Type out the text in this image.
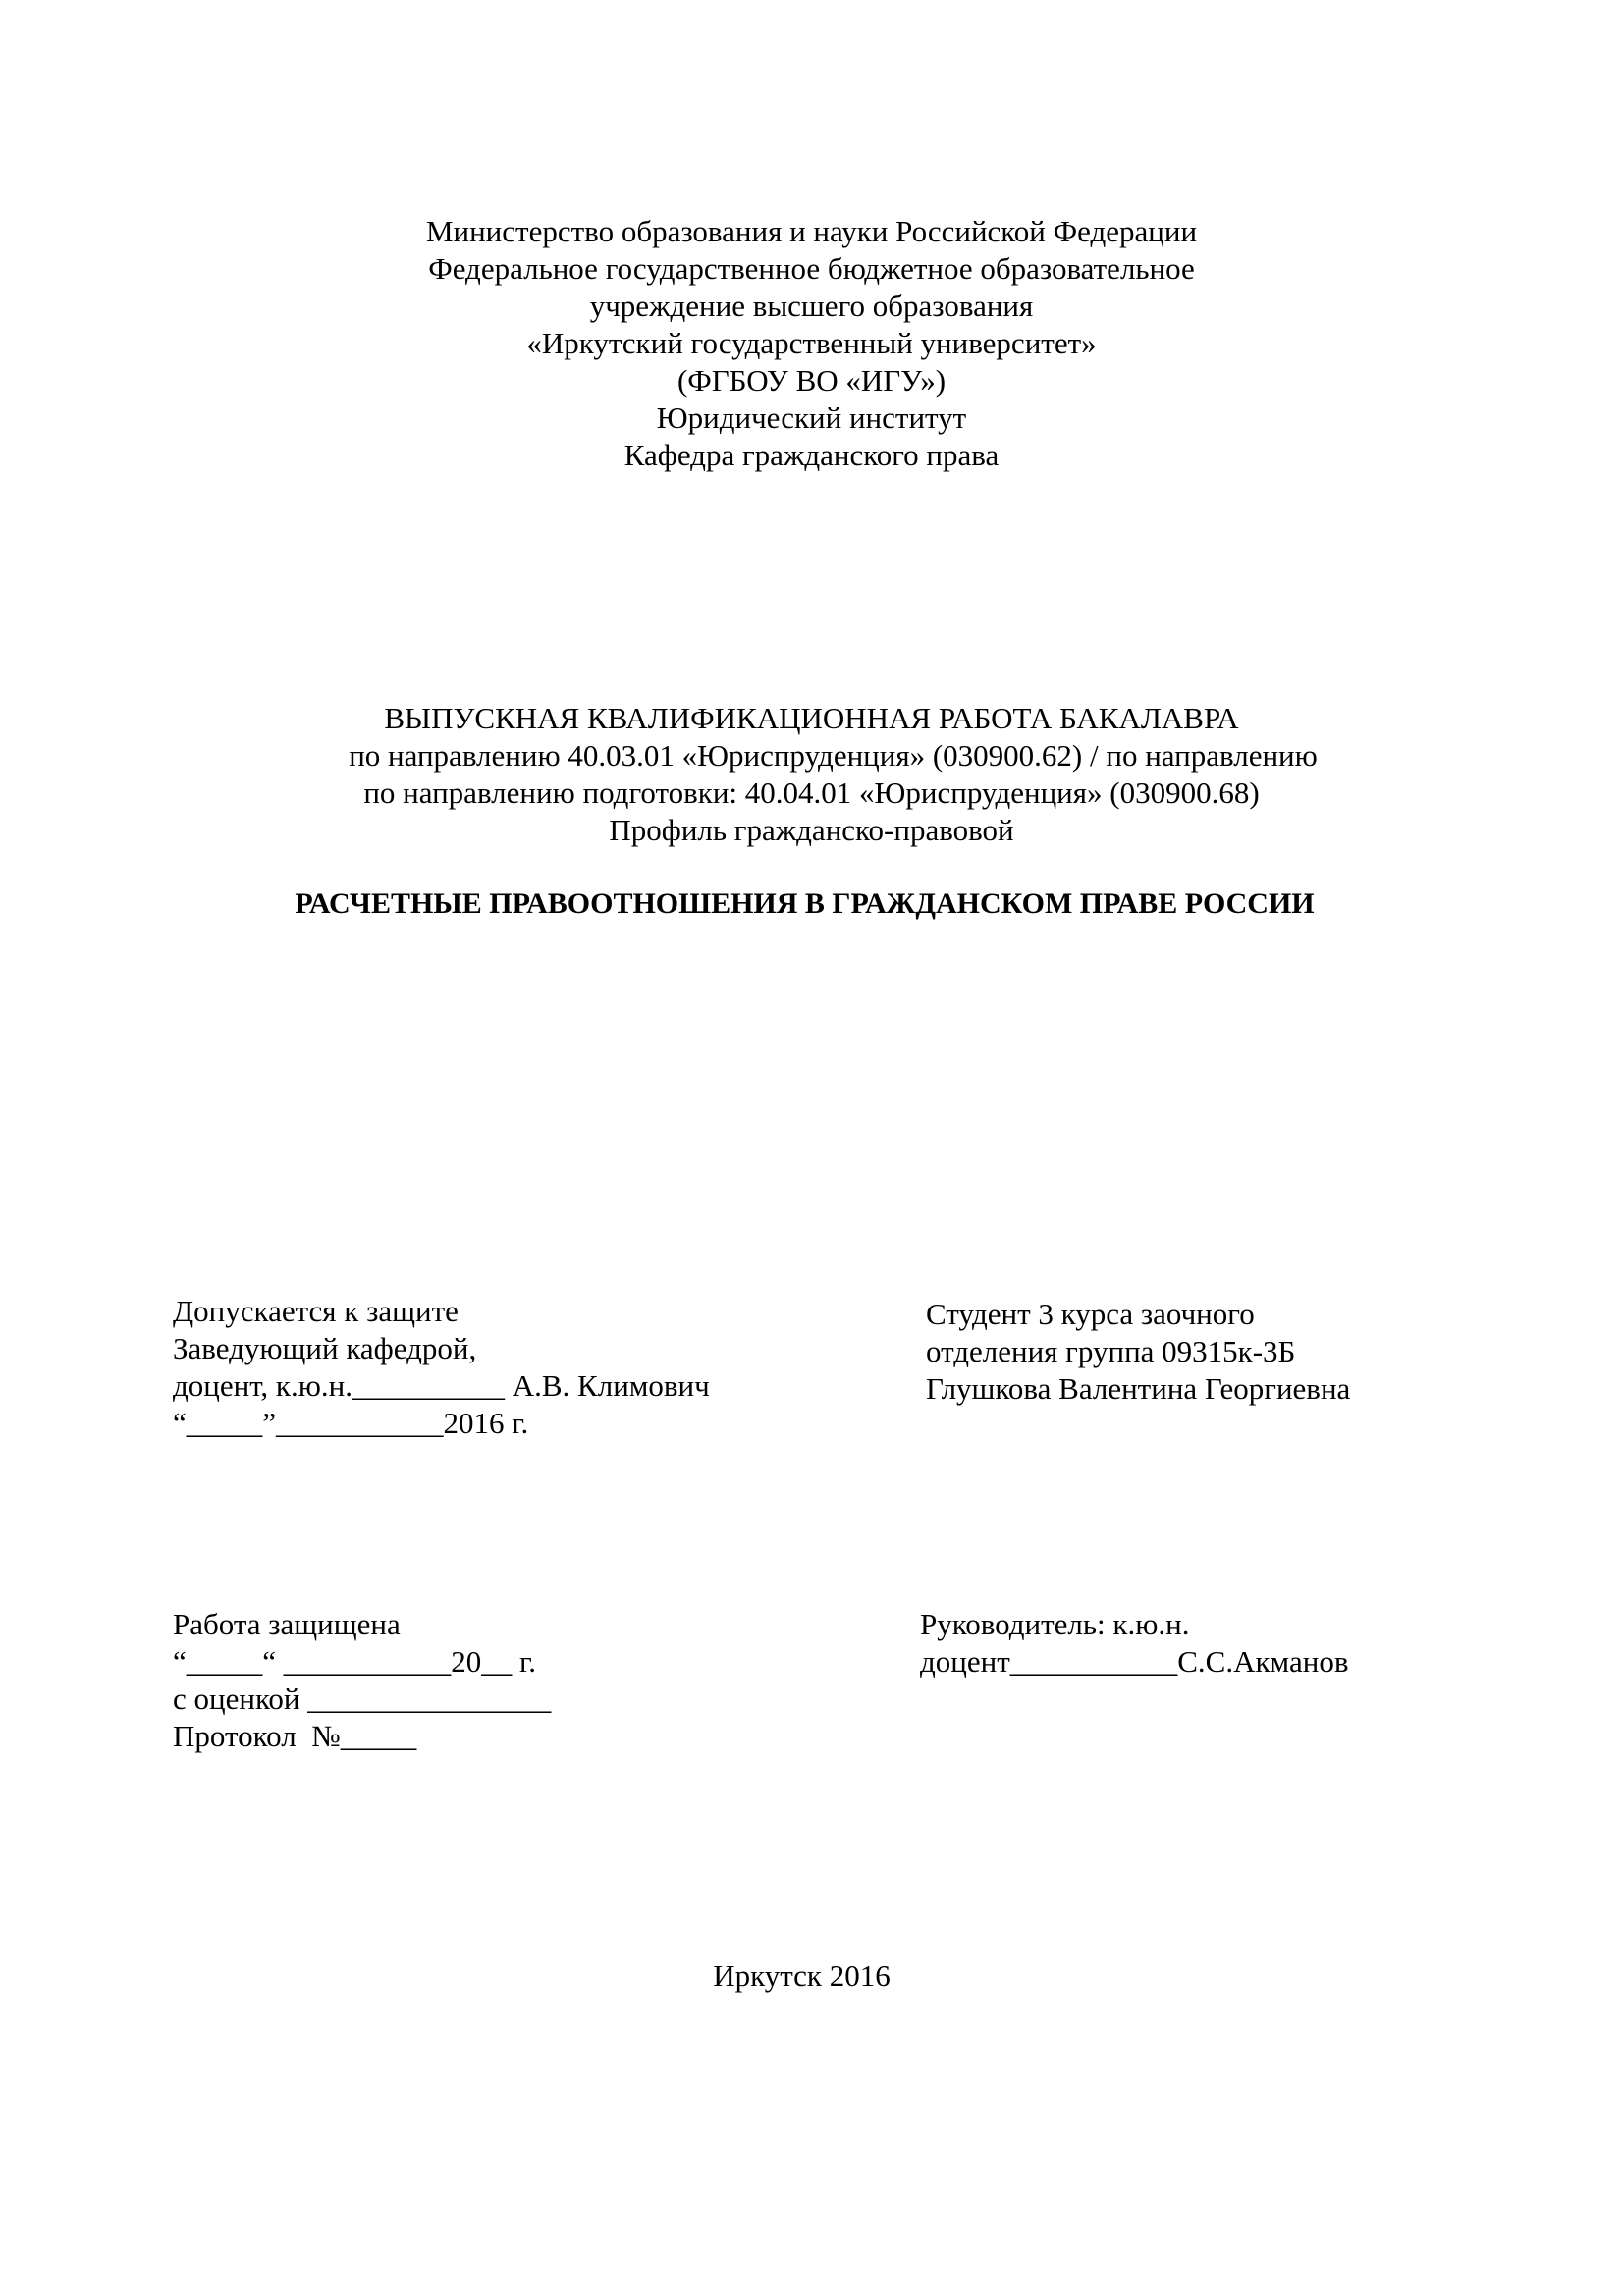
Министерство образования и науки Российской Федерации
Федеральное государственное бюджетное образовательное
учреждение высшего образования
«Иркутский государственный университет»
(ФГБОУ ВО «ИГУ»)
Юридический институт
Кафедра гражданского права
ВЫПУСКНАЯ КВАЛИФИКАЦИОННАЯ РАБОТА БАКАЛАВРА
по направлению 40.03.01 «Юриспруденция» (030900.62) / по направлению
по направлению подготовки: 40.04.01 «Юриспруденция» (030900.68)
Профиль гражданско-правовой
РАСЧЕТНЫЕ ПРАВООТНОШЕНИЯ В ГРАЖДАНСКОМ ПРАВЕ РОССИИ
Допускается к защите
Заведующий кафедрой,
доцент, к.ю.н.__________ А.В. Климович
“_____”___________2016 г.
Студент 3 курса заочного
отделения группа 09315к-3Б
Глушкова Валентина Георгиевна
Работа защищена
“_____“ ___________20__ г.
с оценкой ________________
Протокол  №_____
Руководитель: к.ю.н.
доцент___________С.С.Акманов
Иркутск 2016
